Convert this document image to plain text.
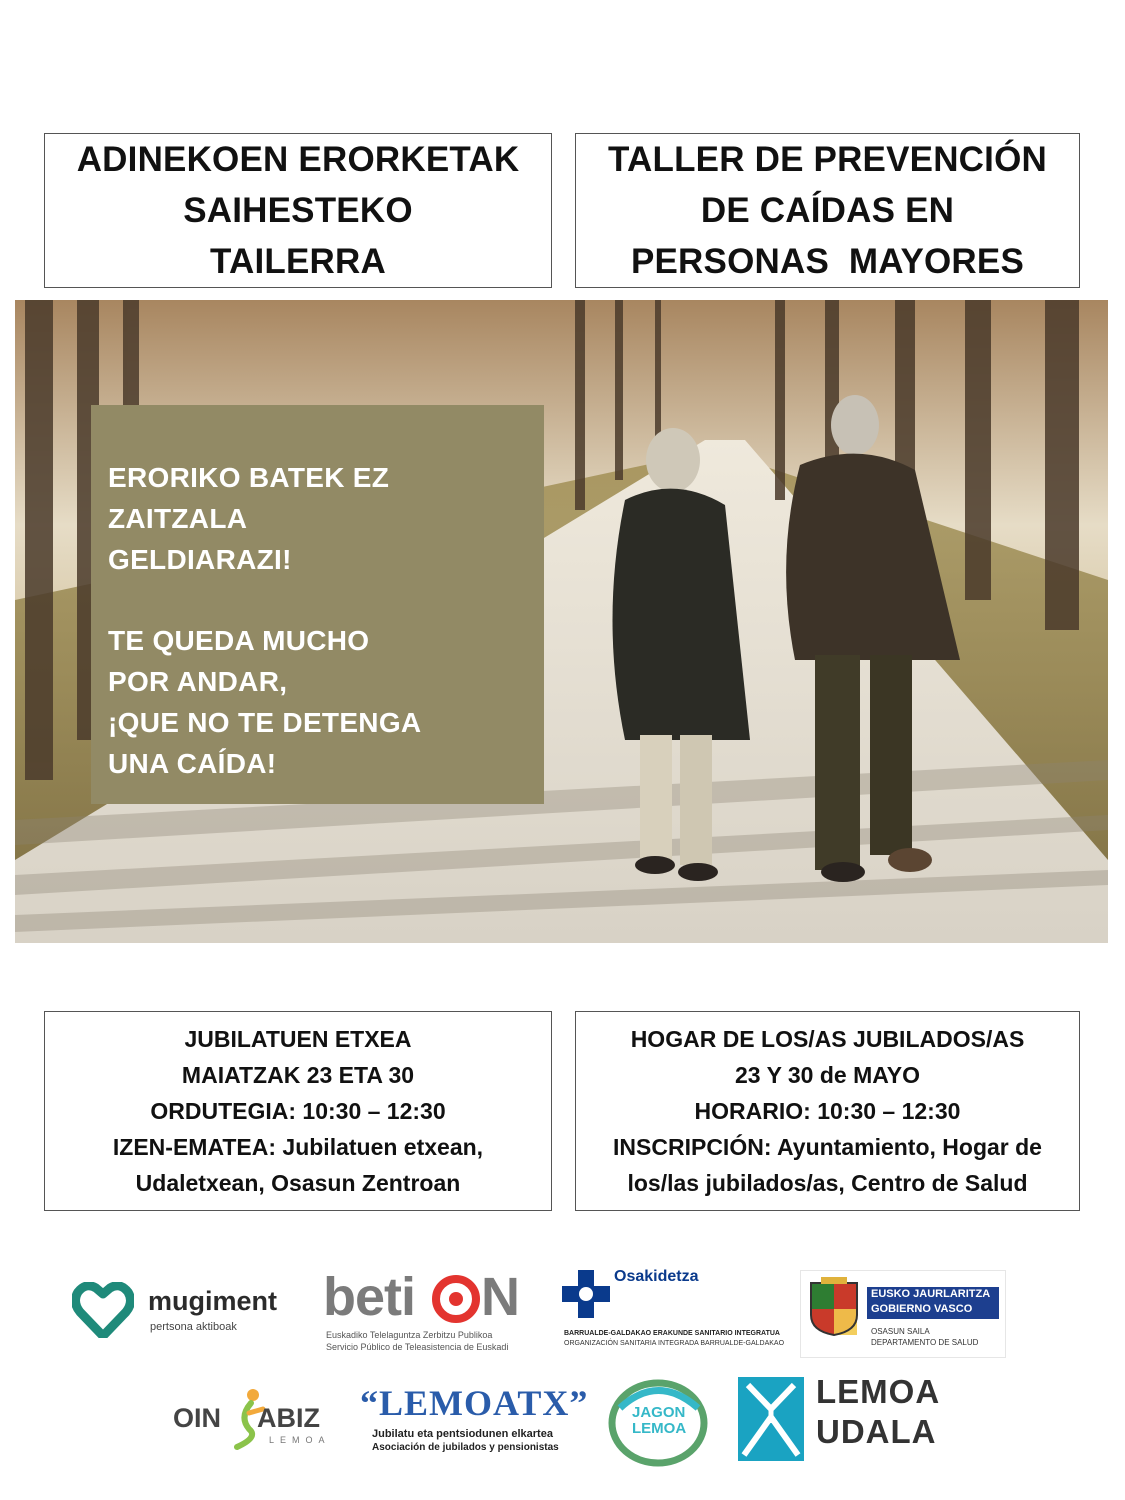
ADINEKOEN ERORKETAK
SAIHESTEKO
TAILERRA
TALLER DE PREVENCIÓN
DE CAÍDAS EN
PERSONAS  MAYORES
ERORIKO BATEK EZ ZAITZALA
GELDIARAZI!
TE QUEDA MUCHO
POR ANDAR,
¡QUE NO TE DETENGA
UNA CAÍDA!
JUBILATUEN ETXEA
MAIATZAK 23 ETA 30
ORDUTEGIA: 10:30 – 12:30
IZEN-EMATEA: Jubilatuen etxean,
Udaletxean, Osasun Zentroan
HOGAR DE LOS/AS JUBILADOS/AS
23 Y 30 de MAYO
HORARIO: 10:30 – 12:30
INSCRIPCIÓN: Ayuntamiento, Hogar de
los/las jubilados/as, Centro de Salud
mugiment
pertsona aktiboak beti N
Euskadiko Telelaguntza Zerbitzu Publikoa
Servicio Público de Teleasistencia de Euskadi
Osakidetza
BARRUALDE-GALDAKAO ERAKUNDE SANITARIO INTEGRATUA
ORGANIZACIÓN SANITARIA INTEGRADA BARRUALDE-GALDAKAO
EUSKO JAURLARITZA
GOBIERNO VASCO
OSASUN SAILA
DEPARTAMENTO DE SALUD
OIN ABIZ
LEMOA
“LEMOATX”
Jubilatu eta pentsiodunen elkartea
Asociación de jubilados y pensionistas
JAGON
LEMOA
LEMOA
UDALA
